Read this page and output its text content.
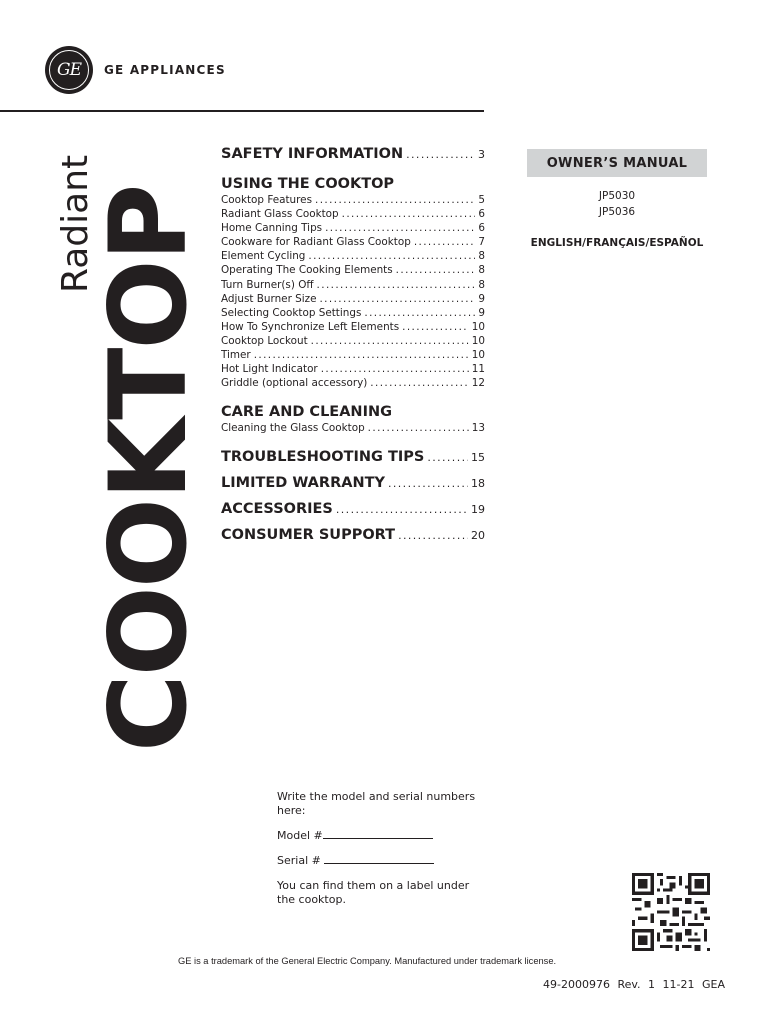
GE	GE APPLIANCES
Radiant
COOKTOP
SAFETY INFORMATION .....	3
USING THE COOKTOP
Cooktop Features .....	5
Radiant Glass Cooktop .....	6
Home Canning Tips .....	6
Cookware for Radiant Glass Cooktop .....	7
Element Cycling .....	8
Operating The Cooking Elements .....	8
Turn Burner(s) Off .....	8
Adjust Burner Size .....	9
Selecting Cooktop Settings .....	9
How To Synchronize Left Elements .....	10
Cooktop Lockout .....	10
Timer .....	10
Hot Light Indicator .....	11
Griddle (optional accessory) .....	12
CARE AND CLEANING
Cleaning the Glass Cooktop .....	13
TROUBLESHOOTING TIPS .....	15
LIMITED WARRANTY .....	18
ACCESSORIES .....	19
CONSUMER SUPPORT .....	20
OWNER’S MANUAL
JP5030
JP5036
ENGLISH/FRANÇAIS/ESPAÑOL

Write the model and serial numbers here:

Model #

Serial #

You can find them on a label under the cooktop.

GE is a trademark of the General Electric Company. Manufactured under trademark license.
49-2000976 Rev. 1 11-21 GEA
